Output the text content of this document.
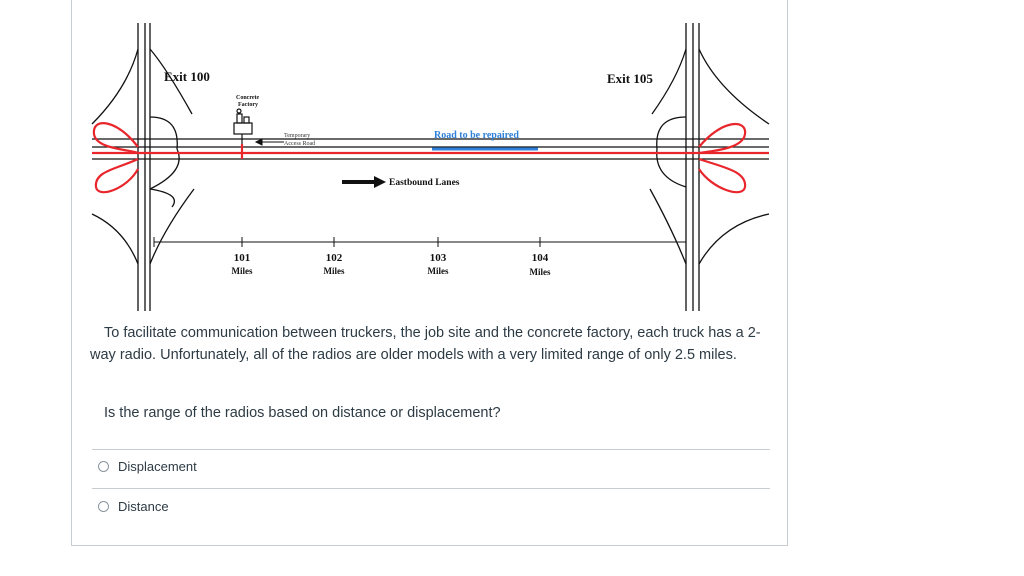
Exit 100	Exit 105
Concrete
Factory
Temporary
Access Road
Road to be repaired
Eastbound Lanes
101
Miles
102
Miles
103
Miles
104
Miles
To facilitate communication between truckers, the job site and the concrete factory, each truck has a 2-way radio. Unfortunately, all of the radios are older models with a very limited range of only 2.5 miles.
Is the range of the radios based on distance or displacement?
Displacement
Distance
